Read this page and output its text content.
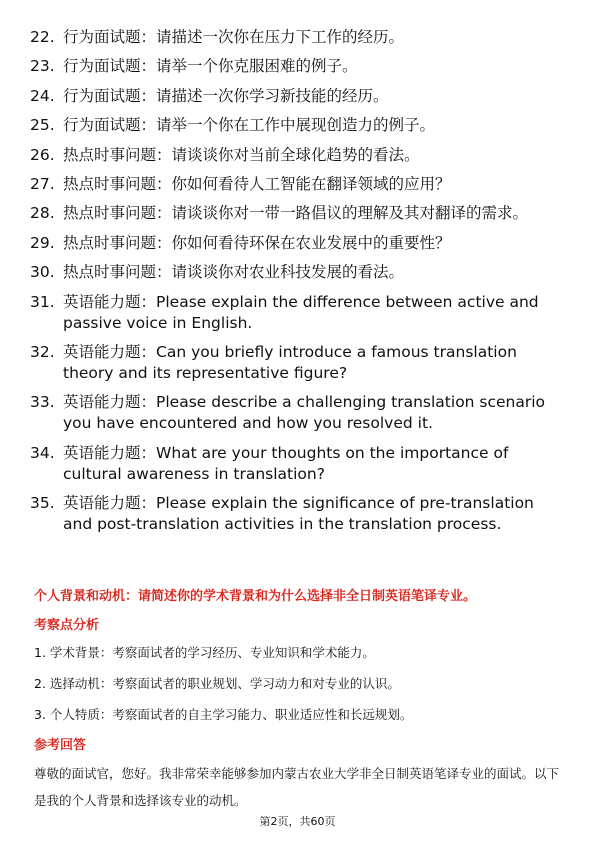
22. 行为面试题：请描述一次你在压力下工作的经历。
23. 行为面试题：请举一个你克服困难的例子。
24. 行为面试题：请描述一次你学习新技能的经历。
25. 行为面试题：请举一个你在工作中展现创造力的例子。
26. 热点时事问题：请谈谈你对当前全球化趋势的看法。
27. 热点时事问题：你如何看待人工智能在翻译领域的应用？
28. 热点时事问题：请谈谈你对一带一路倡议的理解及其对翻译的需求。
29. 热点时事问题：你如何看待环保在农业发展中的重要性？
30. 热点时事问题：请谈谈你对农业科技发展的看法。
31. 英语能力题：Please explain the difference between active and passive voice in English.
32. 英语能力题：Can you briefly introduce a famous translation theory and its representative figure?
33. 英语能力题：Please describe a challenging translation scenario you have encountered and how you resolved it.
34. 英语能力题：What are your thoughts on the importance of cultural awareness in translation?
35. 英语能力题：Please explain the significance of pre-translation and post-translation activities in the translation process.
个人背景和动机：请简述你的学术背景和为什么选择非全日制英语笔译专业。
考察点分析
1. 学术背景：考察面试者的学习经历、专业知识和学术能力。
2. 选择动机：考察面试者的职业规划、学习动力和对专业的认识。
3. 个人特质：考察面试者的自主学习能力、职业适应性和长远规划。
参考回答

尊敬的面试官，您好。我非常荣幸能够参加内蒙古农业大学非全日制英语笔译专业的面试。以下是我的个人背景和选择该专业的动机。

第2页，共60页
